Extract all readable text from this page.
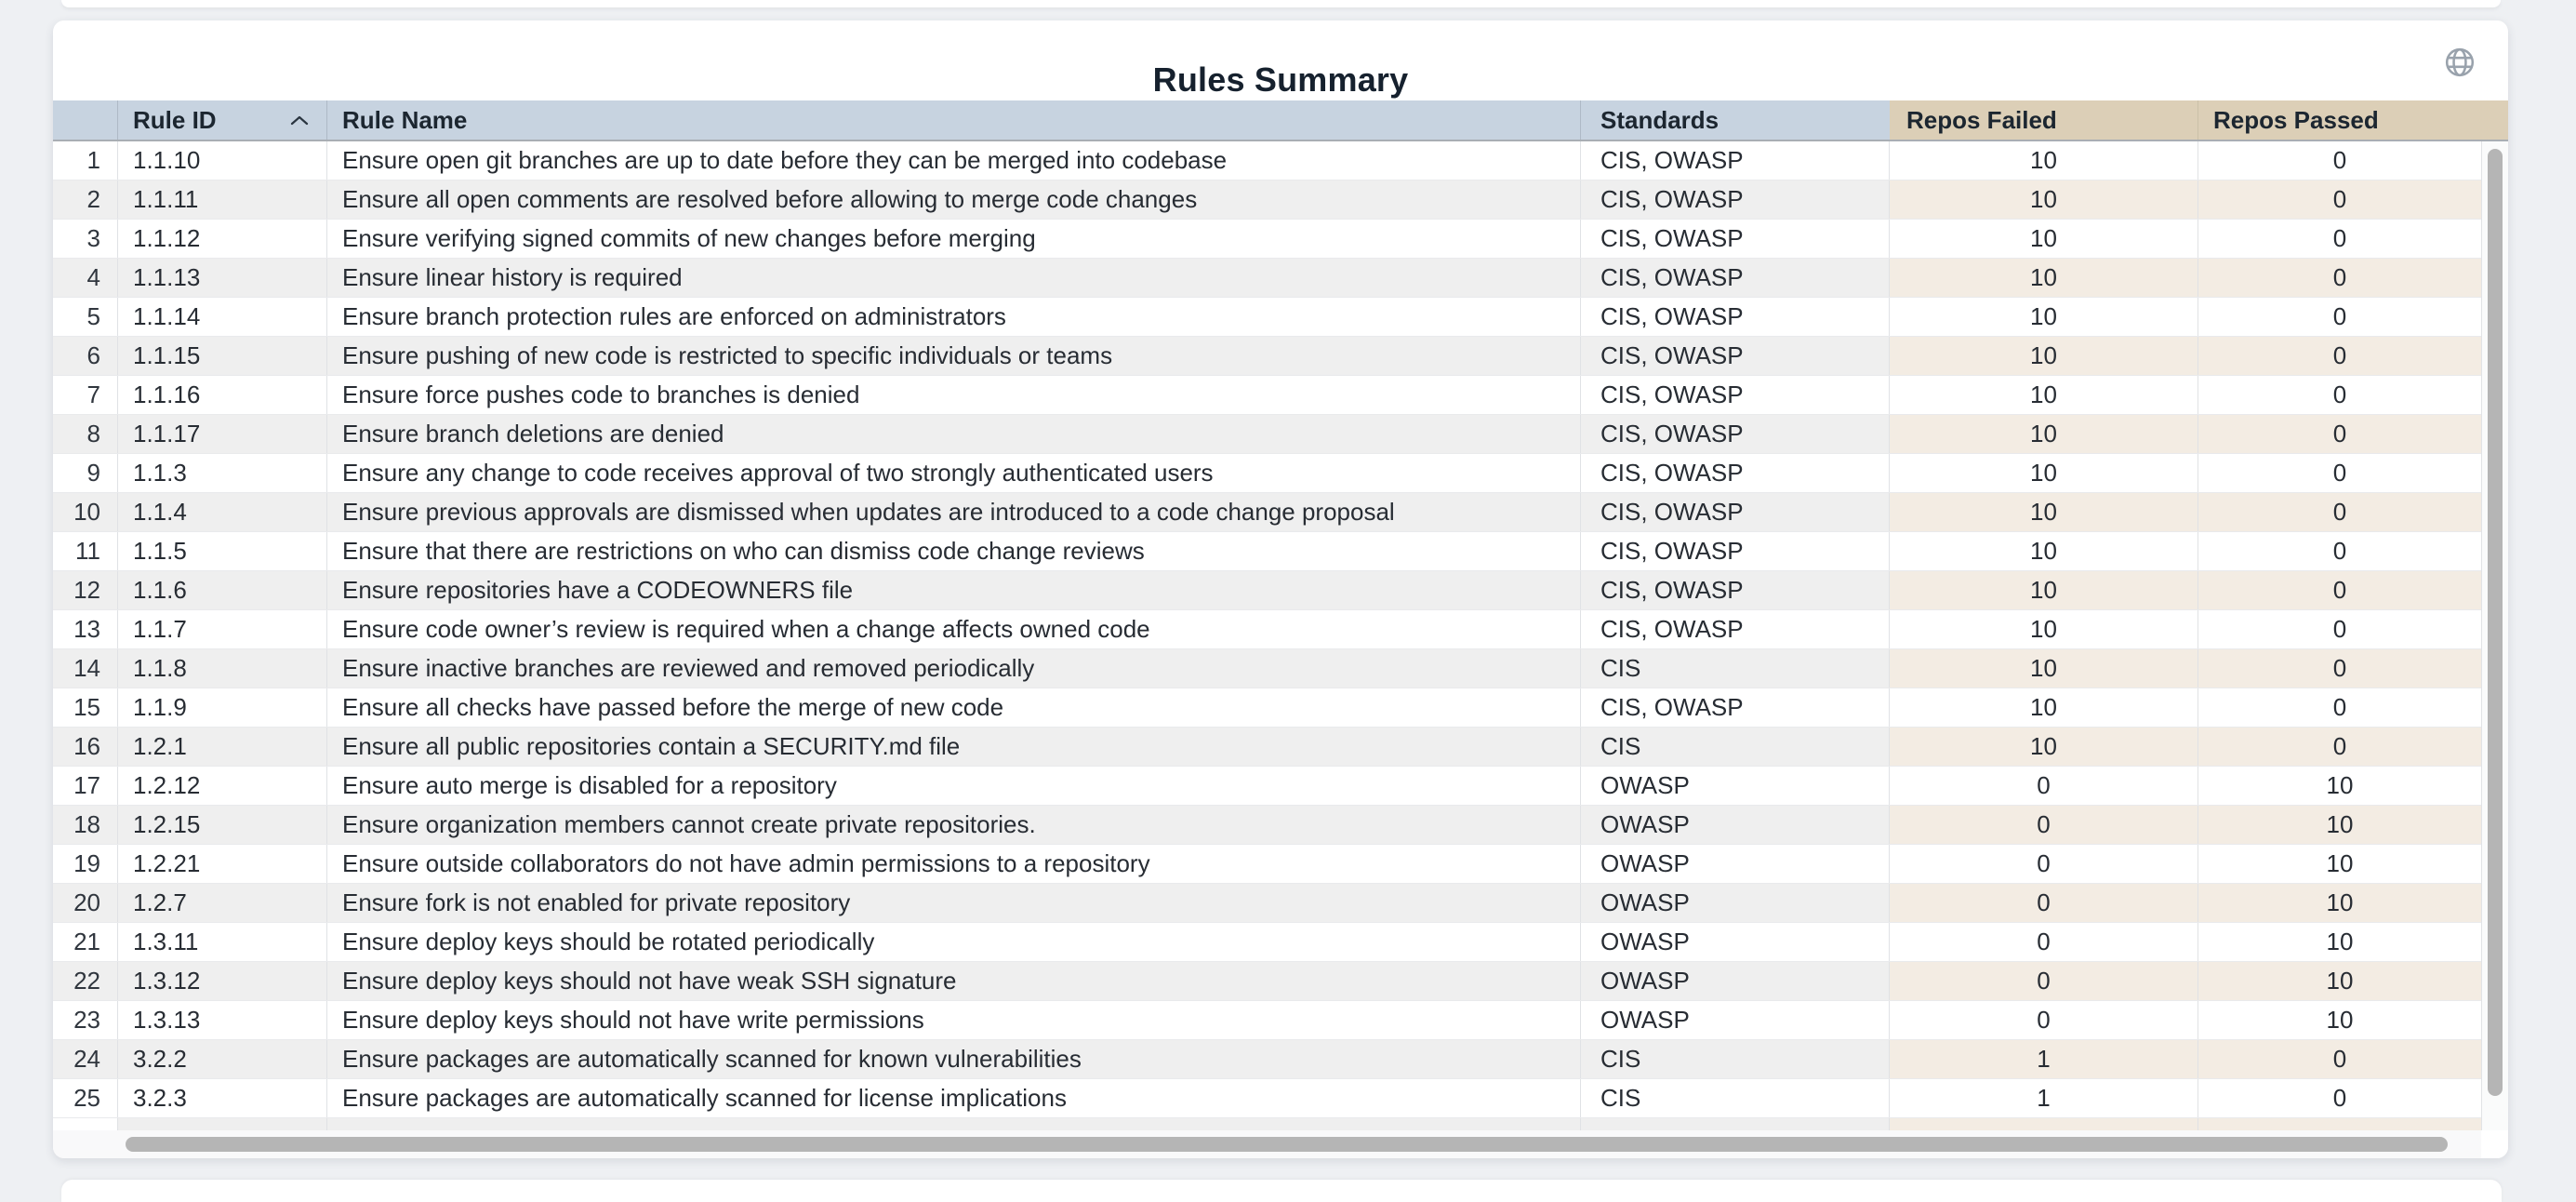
Rules Summary
Rule ID	Rule Name	Standards	Repos Failed	Repos Passed
1	1.1.10	Ensure open git branches are up to date before they can be merged into codebase	CIS, OWASP	10	0
2	1.1.11	Ensure all open comments are resolved before allowing to merge code changes	CIS, OWASP	10	0
3	1.1.12	Ensure verifying signed commits of new changes before merging	CIS, OWASP	10	0
4	1.1.13	Ensure linear history is required	CIS, OWASP	10	0
5	1.1.14	Ensure branch protection rules are enforced on administrators	CIS, OWASP	10	0
6	1.1.15	Ensure pushing of new code is restricted to specific individuals or teams	CIS, OWASP	10	0
7	1.1.16	Ensure force pushes code to branches is denied	CIS, OWASP	10	0
8	1.1.17	Ensure branch deletions are denied	CIS, OWASP	10	0
9	1.1.3	Ensure any change to code receives approval of two strongly authenticated users	CIS, OWASP	10	0
10	1.1.4	Ensure previous approvals are dismissed when updates are introduced to a code change proposal	CIS, OWASP	10	0
11	1.1.5	Ensure that there are restrictions on who can dismiss code change reviews	CIS, OWASP	10	0
12	1.1.6	Ensure repositories have a CODEOWNERS file	CIS, OWASP	10	0
13	1.1.7	Ensure code owner’s review is required when a change affects owned code	CIS, OWASP	10	0
14	1.1.8	Ensure inactive branches are reviewed and removed periodically	CIS	10	0
15	1.1.9	Ensure all checks have passed before the merge of new code	CIS, OWASP	10	0
16	1.2.1	Ensure all public repositories contain a SECURITY.md file	CIS	10	0
17	1.2.12	Ensure auto merge is disabled for a repository	OWASP	0	10
18	1.2.15	Ensure organization members cannot create private repositories.	OWASP	0	10
19	1.2.21	Ensure outside collaborators do not have admin permissions to a repository	OWASP	0	10
20	1.2.7	Ensure fork is not enabled for private repository	OWASP	0	10
21	1.3.11	Ensure deploy keys should be rotated periodically	OWASP	0	10
22	1.3.12	Ensure deploy keys should not have weak SSH signature	OWASP	0	10
23	1.3.13	Ensure deploy keys should not have write permissions	OWASP	0	10
24	3.2.2	Ensure packages are automatically scanned for known vulnerabilities	CIS	1	0
25	3.2.3	Ensure packages are automatically scanned for license implications	CIS	1	0
